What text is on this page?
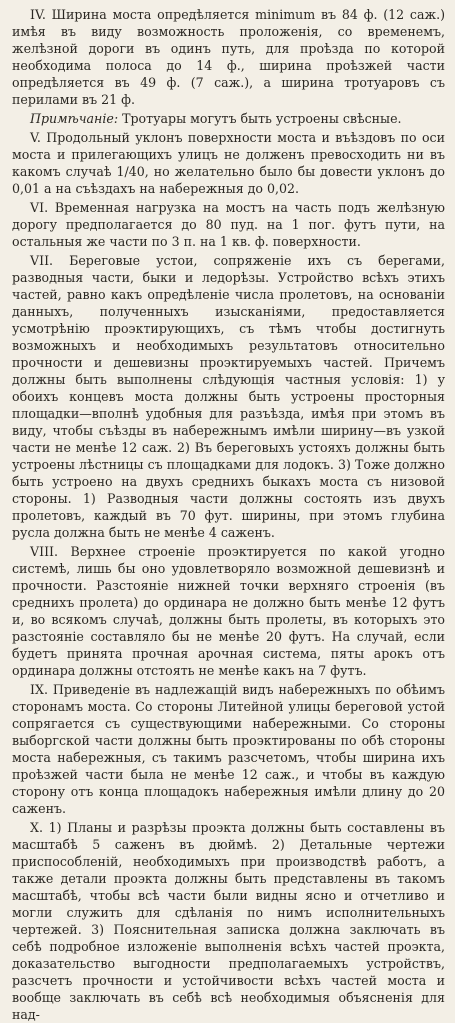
IV. Ширина моста опредѣляется minimum въ 84 ф. (12 саж.) имѣя въ виду возможность проложенія, со временемъ, желѣзной дороги въ одинъ путь, для проѣзда по которой необходима полоса до 14 ф., ширина проѣзжей части опредѣляется въ 49 ф. (7 саж.), а ширина тротуаровъ съ перилами въ 21 ф.

Примѣчаніе: Тротуары могутъ быть устроены свѣсные.

V. Продольный уклонъ поверхности моста и въѣздовъ по оси моста и прилегающихъ улицъ не долженъ превосходить ни въ какомъ случаѣ 1/40, но желательно было бы довести уклонъ до 0,01 а на съѣздахъ на набережныя до 0,02.

VI. Временная нагрузка на мостъ на часть подъ желѣзную дорогу предполагается до 80 пуд. на 1 пог. футъ пути, на остальныя же части по 3 п. на 1 кв. ф. поверхности.

VII. Береговые устои, сопряженіе ихъ съ берегами, разводныя части, быки и ледорѣзы. Устройство всѣхъ этихъ частей, равно какъ опредѣленіе числа пролетовъ, на основаніи данныхъ, полученныхъ изысканіями, предоставляется усмотрѣнію проэктирующихъ, съ тѣмъ чтобы достигнуть возможныхъ и необходимыхъ результатовъ относительно прочности и дешевизны проэктируемыхъ частей. Причемъ должны быть выполнены слѣдующія частныя условія: 1) у обоихъ концевъ моста должны быть устроены просторныя площадки—вполнѣ удобныя для разъѣзда, имѣя при этомъ въ виду, чтобы съѣзды въ набережнымъ имѣли ширину—въ узкой части не менѣе 12 саж. 2) Въ береговыхъ устояхъ должны быть устроены лѣстницы съ площадками для лодокъ. 3) Тоже должно быть устроено на двухъ среднихъ быкахъ моста съ низовой стороны. 1) Разводныя части должны состоять изъ двухъ пролетовъ, каждый въ 70 фут. ширины, при этомъ глубина русла должна быть не менѣе 4 саженъ.

VIII. Верхнее строеніе проэктируется по какой угодно системѣ, лишь бы оно удовлетворяло возможной дешевизнѣ и прочности. Разстояніе нижней точки верхняго строенія (въ среднихъ пролета) до ординара не должно быть менѣе 12 футъ и, во всякомъ случаѣ, должны быть пролеты, въ которыхъ это разстояніе составляло бы не менѣе 20 футъ. На случай, если будетъ принята прочная арочная система, пяты арокъ отъ ординара должны отстоять не менѣе какъ на 7 футъ.

IX. Приведеніе въ надлежащій видъ набережныхъ по обѣимъ сторонамъ моста. Со стороны Литейной улицы береговой устой сопрягается съ существующими набережными. Со стороны выборгской части должны быть проэктированы по обѣ стороны моста набережныя, съ такимъ разсчетомъ, чтобы ширина ихъ проѣзжей части была не менѣе 12 саж., и чтобы въ каждую сторону отъ конца площадокъ набережныя имѣли длину до 20 саженъ.

X. 1) Планы и разрѣзы проэкта должны быть составлены въ масштабѣ 5 саженъ въ дюймѣ. 2) Детальные чертежи приспособленій, необходимыхъ при производствѣ работъ, а также детали проэкта должны быть представлены въ такомъ масштабѣ, чтобы всѣ части были видны ясно и отчетливо и могли служить для сдѣланія по нимъ исполнительныхъ чертежей. 3) Пояснительная записка должна заключать въ себѣ подробное изложеніе выполненія всѣхъ частей проэкта, доказательство выгодности предполагаемыхъ устройствъ, разсчетъ прочности и устойчивости всѣхъ частей моста и вообще заключать въ себѣ всѣ необходимыя объясненія для над-
